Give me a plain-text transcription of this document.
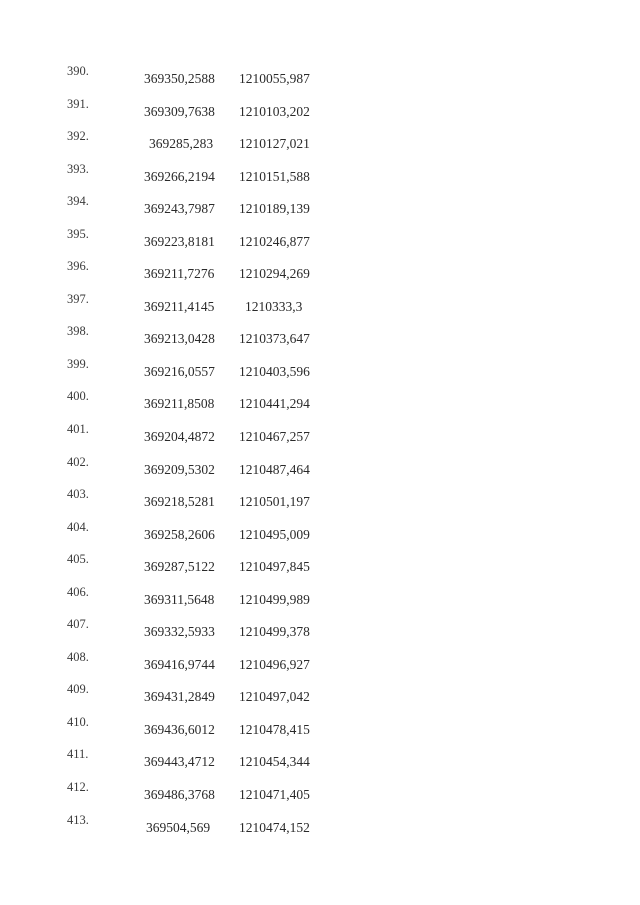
390.	369350,2588 1210055,987
391.	369309,7638 1210103,202
392.	369285,283 1210127,021
393.	369266,2194 1210151,588
394.	369243,7987 1210189,139
395.	369223,8181 1210246,877
396.	369211,7276 1210294,269
397.	369211,4145 1210333,3
398.	369213,0428 1210373,647
399.	369216,0557 1210403,596
400.	369211,8508 1210441,294
401.	369204,4872 1210467,257
402.	369209,5302 1210487,464
403.	369218,5281 1210501,197
404.	369258,2606 1210495,009
405.	369287,5122 1210497,845
406.	369311,5648 1210499,989
407.	369332,5933 1210499,378
408.	369416,9744 1210496,927
409.	369431,2849 1210497,042
410.	369436,6012 1210478,415
411.	369443,4712 1210454,344
412.	369486,3768 1210471,405
413.	369504,569 1210474,152
